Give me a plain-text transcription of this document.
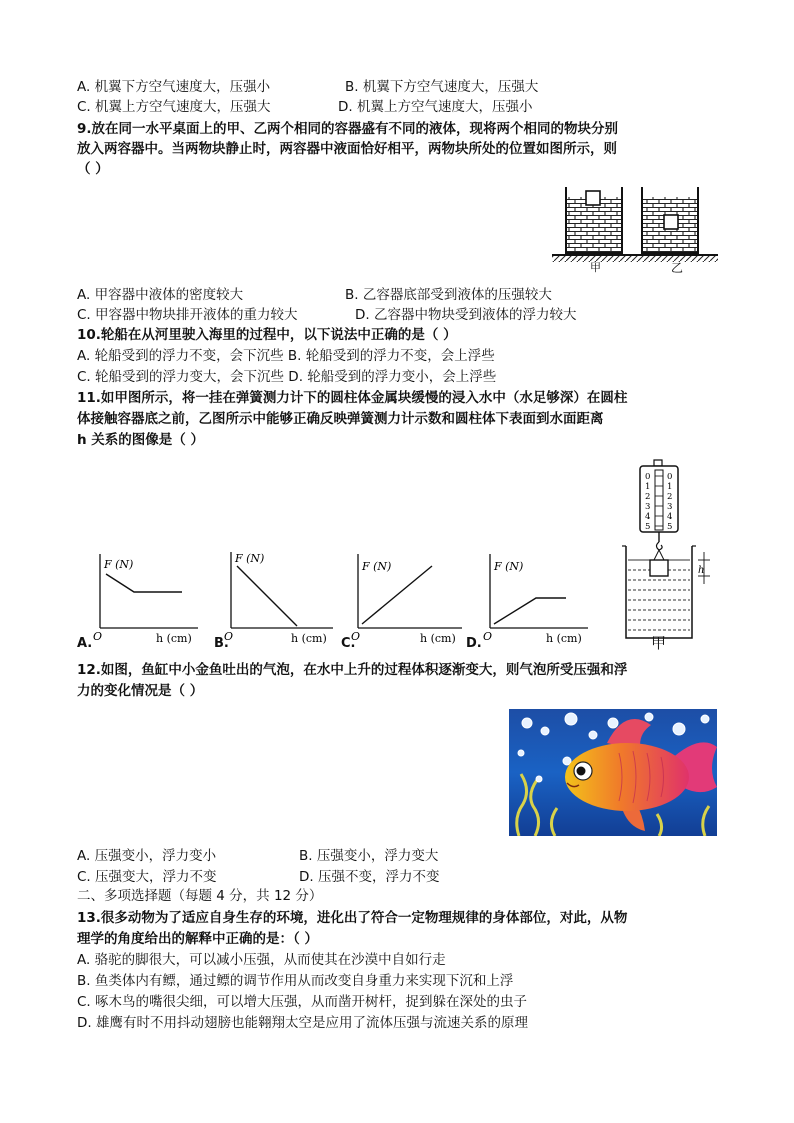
A. 机翼下方空气速度大，压强小	B. 机翼下方空气速度大，压强大
C. 机翼上方空气速度大，压强大	D. 机翼上方空气速度大，压强小
9.放在同一水平桌面上的甲、乙两个相同的容器盛有不同的液体，现将两个相同的物块分别
放入两容器中。当两物块静止时，两容器中液面恰好相平，两物块所处的位置如图所示，则
（ ）
甲	乙
A. 甲容器中液体的密度较大	B. 乙容器底部受到液体的压强较大
C. 甲容器中物块排开液体的重力较大	D. 乙容器中物块受到液体的浮力较大
10.轮船在从河里驶入海里的过程中，以下说法中正确的是（ ）
A. 轮船受到的浮力不变，会下沉些 B. 轮船受到的浮力不变，会上浮些
C. 轮船受到的浮力变大，会下沉些 D. 轮船受到的浮力变小，会上浮些
11.如甲图所示，将一挂在弹簧测力计下的圆柱体金属块缓慢的浸入水中（水足够深）在圆柱
体接触容器底之前，乙图所示中能够正确反映弹簧测力计示数和圆柱体下表面到水面距离
h 关系的图像是（ ）
F (N)
O	h (cm)
A.
F (N)
O	h (cm)
B.
F (N)
O	h (cm)
C.
F (N)
O	h (cm)
D.
0
1
2
3
4
5
0
1
2
3
4
5
h
甲
12.如图，鱼缸中小金鱼吐出的气泡，在水中上升的过程体积逐渐变大，则气泡所受压强和浮
力的变化情况是（ ）
A. 压强变小，浮力变小	B. 压强变小，浮力变大
C. 压强变大，浮力不变	D. 压强不变，浮力不变
二、多项选择题（每题 4 分，共 12 分）
13.很多动物为了适应自身生存的环境，进化出了符合一定物理规律的身体部位，对此，从物
理学的角度给出的解释中正确的是：（ ）
A. 骆驼的脚很大，可以减小压强，从而使其在沙漠中自如行走
B. 鱼类体内有鳔，通过鳔的调节作用从而改变自身重力来实现下沉和上浮
C. 啄木鸟的嘴很尖细，可以增大压强，从而凿开树杆，捉到躲在深处的虫子
D. 雄鹰有时不用抖动翅膀也能翱翔太空是应用了流体压强与流速关系的原理
